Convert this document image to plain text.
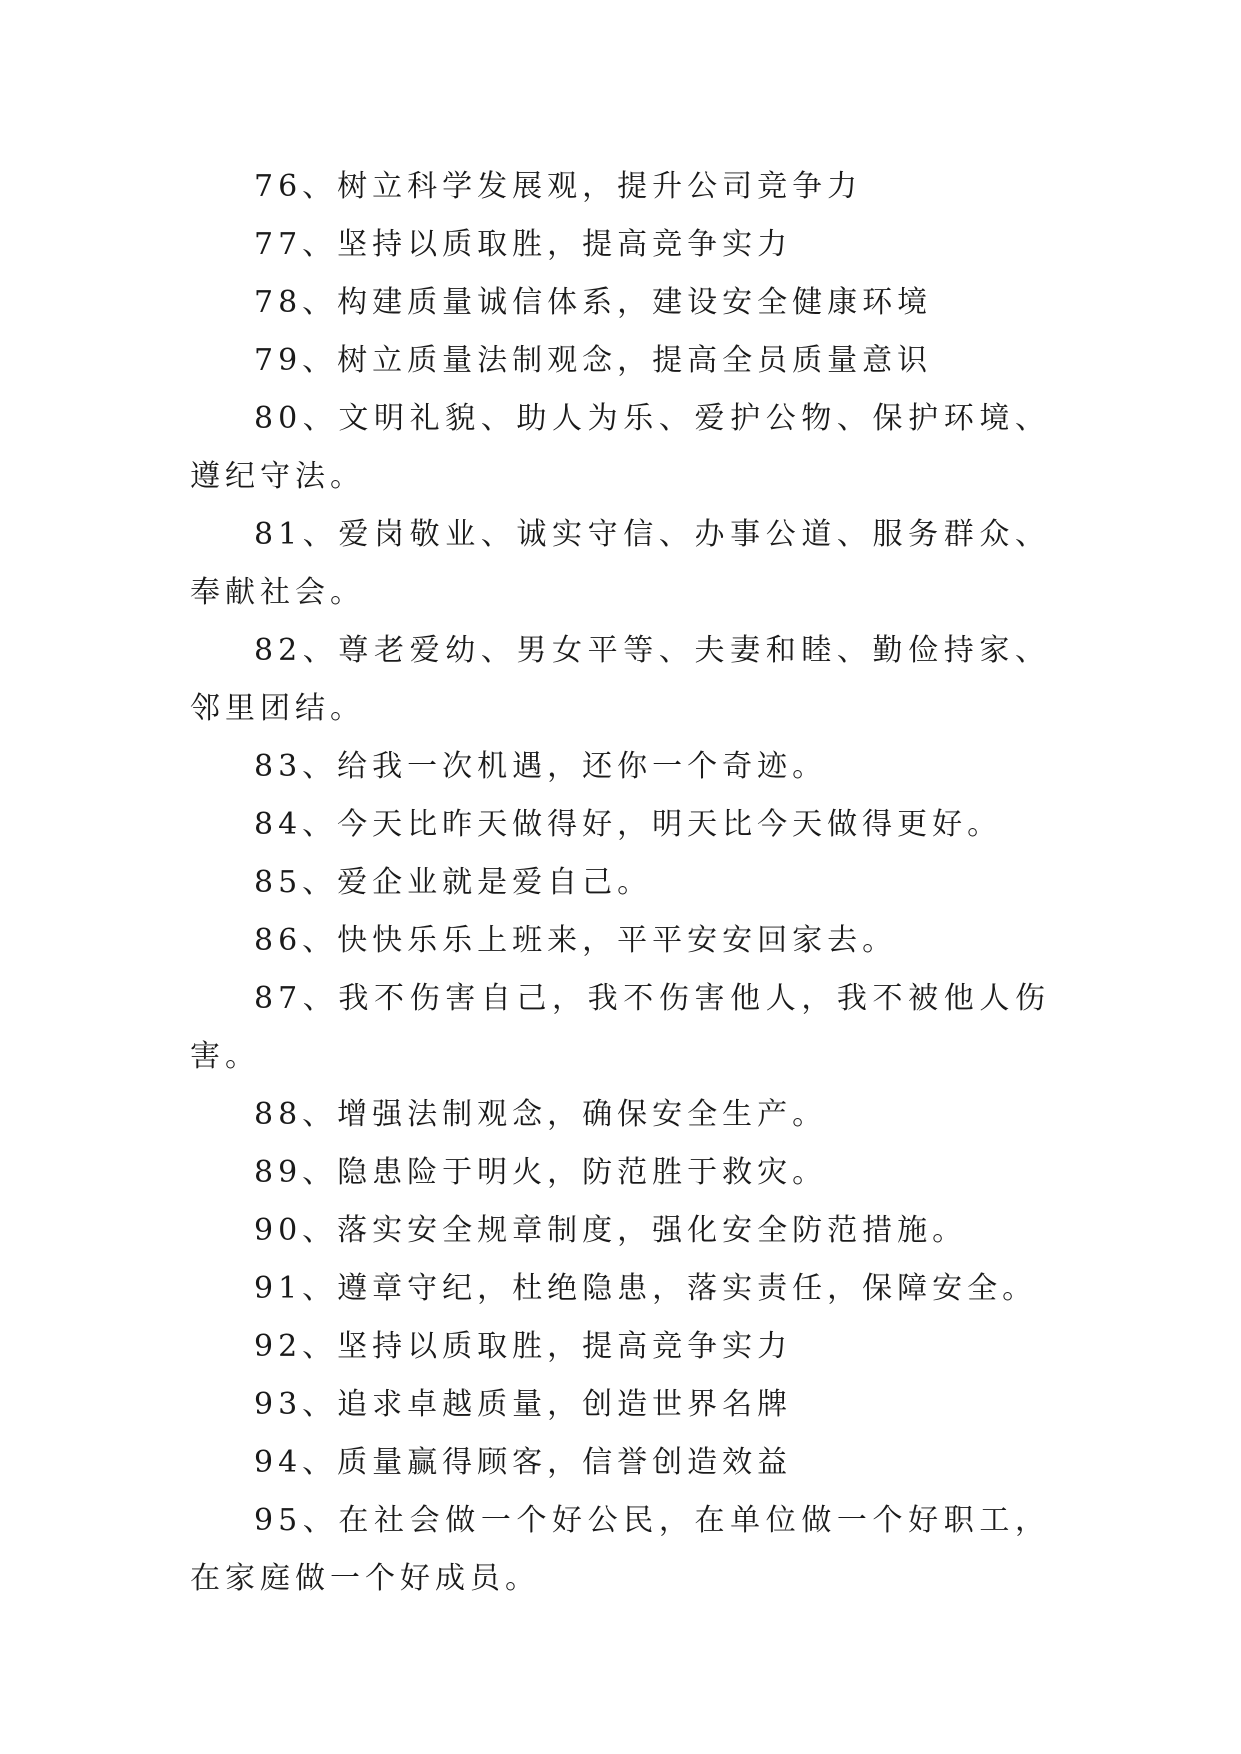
76、树立科学发展观，提升公司竞争力

77、坚持以质取胜，提高竞争实力

78、构建质量诚信体系，建设安全健康环境

79、树立质量法制观念，提高全员质量意识

80、文明礼貌、助人为乐、爱护公物、保护环境、遵纪守法。

81、爱岗敬业、诚实守信、办事公道、服务群众、奉献社会。

82、尊老爱幼、男女平等、夫妻和睦、勤俭持家、邻里团结。

83、给我一次机遇，还你一个奇迹。

84、今天比昨天做得好，明天比今天做得更好。

85、爱企业就是爱自己。

86、快快乐乐上班来，平平安安回家去。

87、我不伤害自己，我不伤害他人，我不被他人伤害。

88、增强法制观念，确保安全生产。

89、隐患险于明火，防范胜于救灾。

90、落实安全规章制度，强化安全防范措施。

91、遵章守纪，杜绝隐患，落实责任，保障安全。

92、坚持以质取胜，提高竞争实力

93、追求卓越质量，创造世界名牌

94、质量赢得顾客，信誉创造效益

95、在社会做一个好公民，在单位做一个好职工，在家庭做一个好成员。
